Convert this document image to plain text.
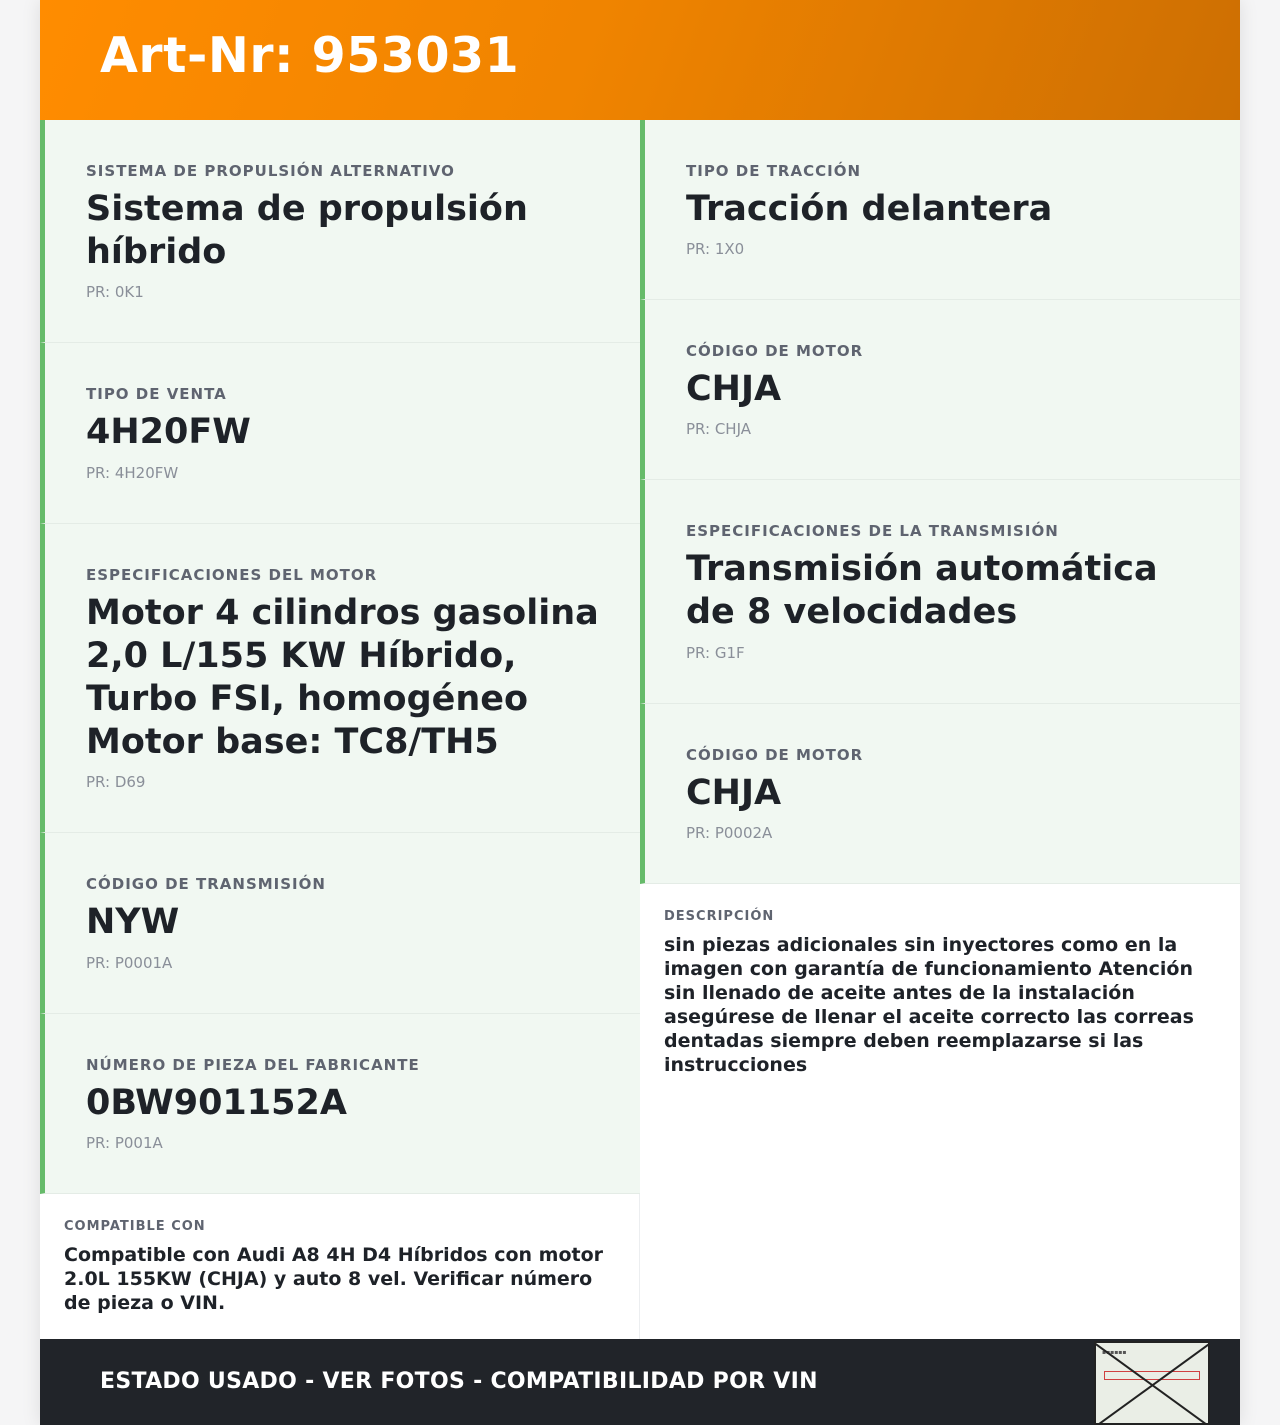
Art-Nr: 953031
SISTEMA DE PROPULSIÓN ALTERNATIVO
Sistema de propulsión híbrido
PR: 0K1
TIPO DE VENTA
4H20FW
PR: 4H20FW
ESPECIFICACIONES DEL MOTOR
Motor 4 cilindros gasolina 2,0 L/155 KW Híbrido, Turbo FSI, homogéneo Motor base: TC8/TH5
PR: D69
CÓDIGO DE TRANSMISIÓN
NYW
PR: P0001A
NÚMERO DE PIEZA DEL FABRICANTE
0BW901152A
PR: P001A
TIPO DE TRACCIÓN
Tracción delantera
PR: 1X0
CÓDIGO DE MOTOR
CHJA
PR: CHJA
ESPECIFICACIONES DE LA TRANSMISIÓN
Transmisión automática de 8 velocidades
PR: G1F
CÓDIGO DE MOTOR
CHJA
PR: P0002A
COMPATIBLE CON
Compatible con Audi A8 4H D4 Híbridos con motor 2.0L 155KW (CHJA) y auto 8 vel. Verificar número de pieza o VIN.
DESCRIPCIÓN
sin piezas adicionales sin inyectores como en la imagen con garantía de funcionamiento Atención sin llenado de aceite antes de la instalación asegúrese de llenar el aceite correcto las correas dentadas siempre deben reemplazarse si las instrucciones
ESTADO USADO - VER FOTOS - COMPATIBILIDAD POR VIN
▪▪▪▪▪▪
